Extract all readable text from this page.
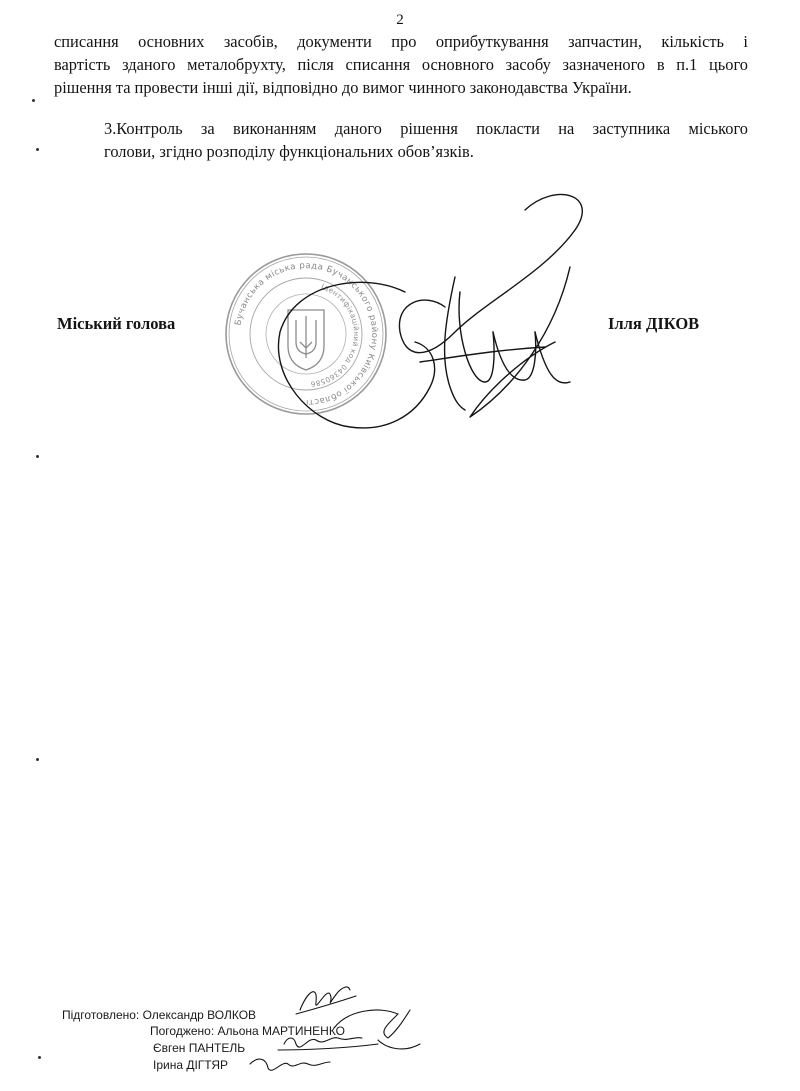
2
списання основних засобів, документи про оприбуткування запчастин, кількість і
вартість зданого металобрухту, після списання основного засобу зазначеного в п.1 цього
рішення та провести інші дії, відповідно до вимог чинного законодавства України.
3.Контроль за виконанням даного рішення покласти на заступника міського
голови, згідно розподілу функціональних обов’язків.
Бучанська міська рада Бучанського району Київської області
Ідентифікаційний код 04360586
Міський голова	Ілля ДІКОВ
Підготовлено: Олександр ВОЛКОВ
Погоджено: Альона МАРТИНЕНКО
Євген ПАНТЕЛЬ
Ірина ДІГТЯР
